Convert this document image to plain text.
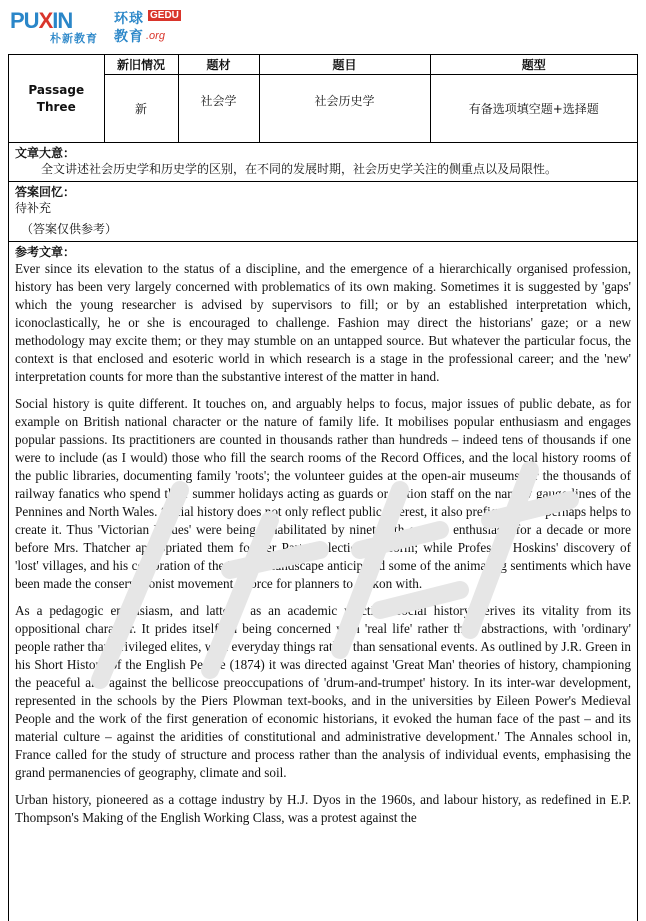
PUXIN
朴新教育
环球 GEDU
教育 .org
Passage
Three	新旧情况	题材	题目	题型
	新	社会学	社会历史学	有备选项填空题+选择题
文章大意：
全文讲述社会历史学和历史学的区别，在不同的发展时期，社会历史学关注的侧重点以及局限性。
答案回忆：
待补充
（答案仅供参考）
参考文章：

Ever since its elevation to the status of a discipline, and the emergence of a hierarchically organised profession, history has been very largely concerned with problematics of its own making. Sometimes it is suggested by 'gaps' which the young researcher is advised by supervisors to fill; or by an established interpretation which, iconoclastically, he or she is encouraged to challenge. Fashion may direct the historians' gaze; or a new methodology may excite them; or they may stumble on an untapped source. But whatever the particular focus, the context is that enclosed and esoteric world in which research is a stage in the professional career; and the 'new' interpretation counts for more than the substantive interest of the matter in hand.

Social history is quite different. It touches on, and arguably helps to focus, major issues of public debate, as for example on British national character or the nature of family life. It mobilises popular enthusiasm and engages popular passions. Its practitioners are counted in thousands rather than hundreds – indeed tens of thousands if one were to include (as I would) those who fill the search rooms of the Record Offices, and the local history rooms of the public libraries, documenting family 'roots'; the volunteer guides at the open-air museums; or the thousands of railway fanatics who spend their summer holidays acting as guards or station staff on the narrow gauge lines of the Pennines and North Wales. Social history does not only reflect public interest, it also prefigures and perhaps helps to create it. Thus 'Victorian Values' were being rehabilitated by nineteenth-century enthusiasts for a decade or more before Mrs. Thatcher appropriated them for her Party's election platform; while Professor Hoskins' discovery of 'lost' villages, and his celebration of the English landscape anticipated some of the animating sentiments which have been made the conservationist movement a force for planners to reckon with.

As a pedagogic enthusiasm, and latterly as an academic practice, social history derives its vitality from its oppositional character. It prides itself on being concerned with 'real life' rather than abstractions, with 'ordinary' people rather than privileged elites, with everyday things rather than sensational events. As outlined by J.R. Green in his Short History of the English People (1874) it was directed against 'Great Man' theories of history, championing the peaceful arts against the bellicose preoccupations of 'drum-and-trumpet' history. In its inter-war development, represented in the schools by the Piers Plowman text-books, and in the universities by Eileen Power's Medieval People and the work of the first generation of economic historians, it evoked the human face of the past – and its material culture – against the aridities of constitutional and administrative development.' The Annales school in, France called for the study of structure and process rather than the analysis of individual events, emphasising the grand permanencies of geography, climate and soil.

Urban history, pioneered as a cottage industry by H.J. Dyos in the 1960s, and labour history, as redefined in E.P. Thompson's Making of the English Working Class, was a protest against the
